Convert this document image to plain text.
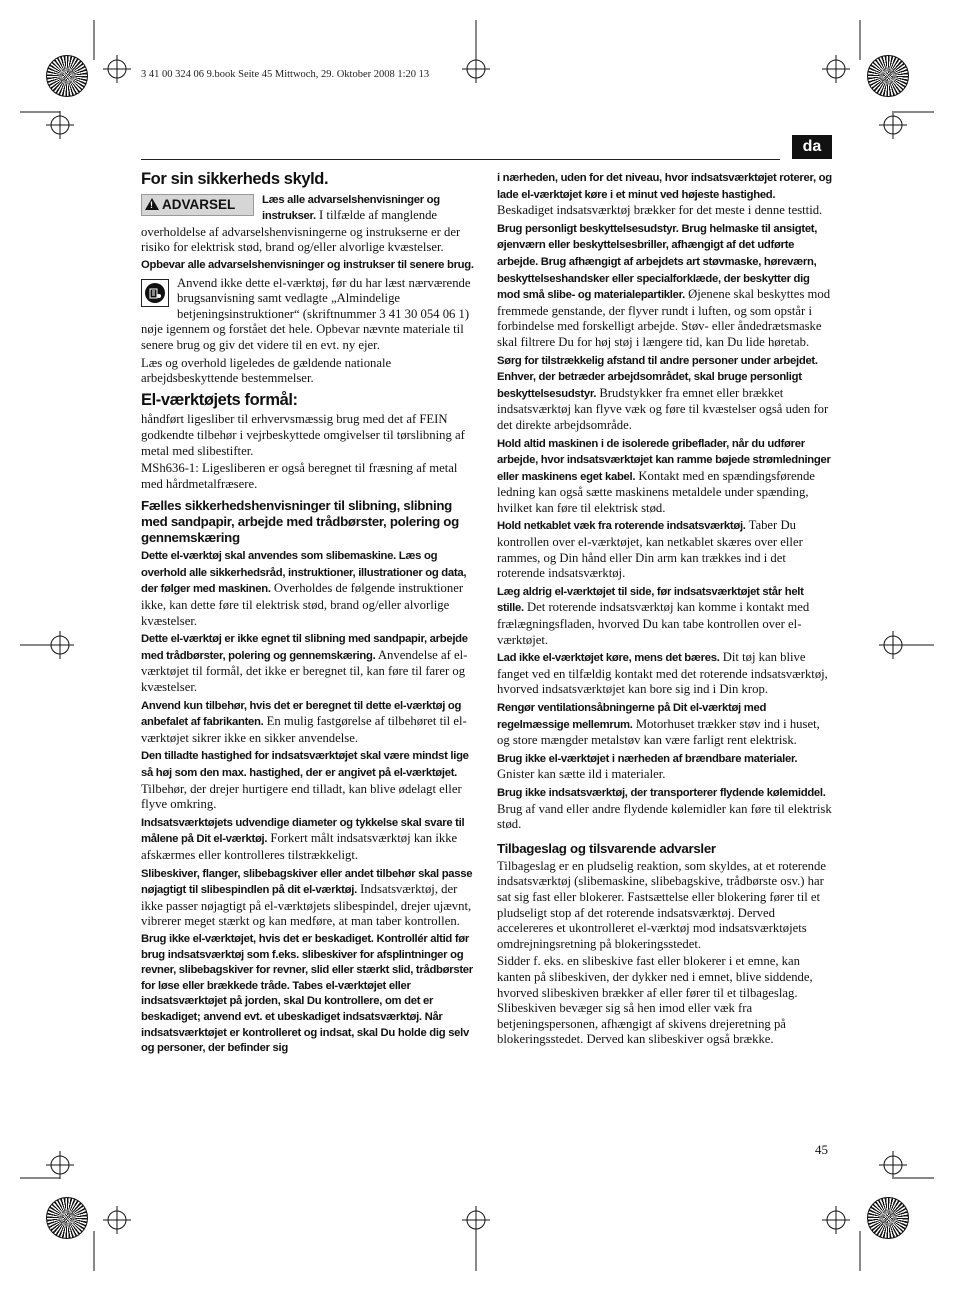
3 41 00 324 06 9.book Seite 45 Mittwoch, 29. Oktober 2008 1:20 13
da
For sin sikkerheds skyld.

! ADVARSEL	Læs alle advarselshenvisninger og instrukser. I tilfælde af manglende overholdelse af advarselshenvisningerne og instrukserne er der risiko for elektrisk stød, brand og/eller alvorlige kvæstelser.

Opbevar alle advarselshenvisninger og instrukser til senere brug.

Anvend ikke dette el-værktøj, før du har læst nærværende brugsanvisning samt vedlagte „Almindelige betjeningsinstruktioner“ (skriftnummer 3 41 30 054 06 1) nøje igennem og forstået det hele. Opbevar nævnte materiale til senere brug og giv det videre til en evt. ny ejer.

Læs og overhold ligeledes de gældende nationale arbejdsbeskyttende bestemmelser.

El-værktøjets formål:

håndført ligesliber til erhvervsmæssig brug med det af FEIN godkendte tilbehør i vejrbeskyttede omgivelser til tørslibning af metal med slibestifter.

MSh636-1: Ligesliberen er også beregnet til fræsning af metal med hårdmetalfræsere.

Fælles sikkerhedshenvisninger til slibning, slibning med sandpapir, arbejde med trådbørster, polering og gennemskæring

Dette el-værktøj skal anvendes som slibemaskine. Læs og overhold alle sikkerhedsråd, instruktioner, illustrationer og data, der følger med maskinen. Overholdes de følgende instruktioner ikke, kan dette føre til elektrisk stød, brand og/eller alvorlige kvæstelser.

Dette el-værktøj er ikke egnet til slibning med sandpapir, arbejde med trådbørster, polering og gennemskæring. Anvendelse af el-værktøjet til formål, det ikke er beregnet til, kan føre til farer og kvæstelser.

Anvend kun tilbehør, hvis det er beregnet til dette el-værktøj og anbefalet af fabrikanten. En mulig fastgørelse af tilbehøret til el-værktøjet sikrer ikke en sikker anvendelse.

Den tilladte hastighed for indsatsværktøjet skal være mindst lige så høj som den max. hastighed, der er angivet på el-værktøjet. Tilbehør, der drejer hurtigere end tilladt, kan blive ødelagt eller flyve omkring.

Indsatsværktøjets udvendige diameter og tykkelse skal svare til målene på Dit el-værktøj. Forkert målt indsatsværktøj kan ikke afskærmes eller kontrolleres tilstrækkeligt.

Slibeskiver, flanger, slibebagskiver eller andet tilbehør skal passe nøjagtigt til slibespindlen på dit el-værktøj. Indsatsværktøj, der ikke passer nøjagtigt på el-værktøjets slibespindel, drejer ujævnt, vibrerer meget stærkt og kan medføre, at man taber kontrollen.

Brug ikke el-værktøjet, hvis det er beskadiget. Kontrollér altid før brug indsatsværktøj som f.eks. slibeskiver for afsplintninger og revner, slibebagskiver for revner, slid eller stærkt slid, trådbørster for løse eller brækkede tråde. Tabes el-værktøjet eller indsatsværktøjet på jorden, skal Du kontrollere, om det er beskadiget; anvend evt. et ubeskadiget indsatsværktøj. Når indsatsværktøjet er kontrolleret og indsat, skal Du holde dig selv og personer, der befinder sig

i nærheden, uden for det niveau, hvor indsatsværktøjet roterer, og lade el-værktøjet køre i et minut ved højeste hastighed. Beskadiget indsatsværktøj brækker for det meste i denne testtid.

Brug personligt beskyttelsesudstyr. Brug helmaske til ansigtet, øjenværn eller beskyttelsesbriller, afhængigt af det udførte arbejde. Brug afhængigt af arbejdets art støvmaske, høreværn, beskyttelseshandsker eller specialforklæde, der beskytter dig mod små slibe- og materialepartikler. Øjenene skal beskyttes mod fremmede genstande, der flyver rundt i luften, og som opstår i forbindelse med forskelligt arbejde. Støv- eller åndedrætsmaske skal filtrere Du for høj støj i længere tid, kan Du lide høretab.

Sørg for tilstrækkelig afstand til andre personer under arbejdet. Enhver, der betræder arbejdsområdet, skal bruge personligt beskyttelsesudstyr. Brudstykker fra emnet eller brækket indsatsværktøj kan flyve væk og føre til kvæstelser også uden for det direkte arbejdsområde.

Hold altid maskinen i de isolerede gribeflader, når du udfører arbejde, hvor indsatsværktøjet kan ramme bøjede strømledninger eller maskinens eget kabel. Kontakt med en spændingsførende ledning kan også sætte maskinens metaldele under spænding, hvilket kan føre til elektrisk stød.

Hold netkablet væk fra roterende indsatsværktøj. Taber Du kontrollen over el-værktøjet, kan netkablet skæres over eller rammes, og Din hånd eller Din arm kan trækkes ind i det roterende indsatsværktøj.

Læg aldrig el-værktøjet til side, før indsatsværktøjet står helt stille. Det roterende indsatsværktøj kan komme i kontakt med frælægningsfladen, hvorved Du kan tabe kontrollen over el-værktøjet.

Lad ikke el-værktøjet køre, mens det bæres. Dit tøj kan blive fanget ved en tilfældig kontakt med det roterende indsatsværktøj, hvorved indsatsværktøjet kan bore sig ind i Din krop.

Rengør ventilationsåbningerne på Dit el-værktøj med regelmæssige mellemrum. Motorhuset trækker støv ind i huset, og store mængder metalstøv kan være farligt rent elektrisk.

Brug ikke el-værktøjet i nærheden af brændbare materialer. Gnister kan sætte ild i materialer.

Brug ikke indsatsværktøj, der transporterer flydende kølemiddel. Brug af vand eller andre flydende kølemidler kan føre til elektrisk stød.

Tilbageslag og tilsvarende advarsler

Tilbageslag er en pludselig reaktion, som skyldes, at et roterende indsatsværktøj (slibemaskine, slibebagskive, trådbørste osv.) har sat sig fast eller blokerer. Fastsættelse eller blokering fører til et pludseligt stop af det roterende indsatsværktøj. Derved accelereres et ukontrolleret el-værktøj mod indsatsværktøjets omdrejningsretning på blokeringsstedet.

Sidder f. eks. en slibeskive fast eller blokerer i et emne, kan kanten på slibeskiven, der dykker ned i emnet, blive siddende, hvorved slibeskiven brækker af eller fører til et tilbageslag. Slibeskiven bevæger sig så hen imod eller væk fra betjeningspersonen, afhængigt af skivens drejeretning på blokeringsstedet. Derved kan slibeskiver også brække.

45
